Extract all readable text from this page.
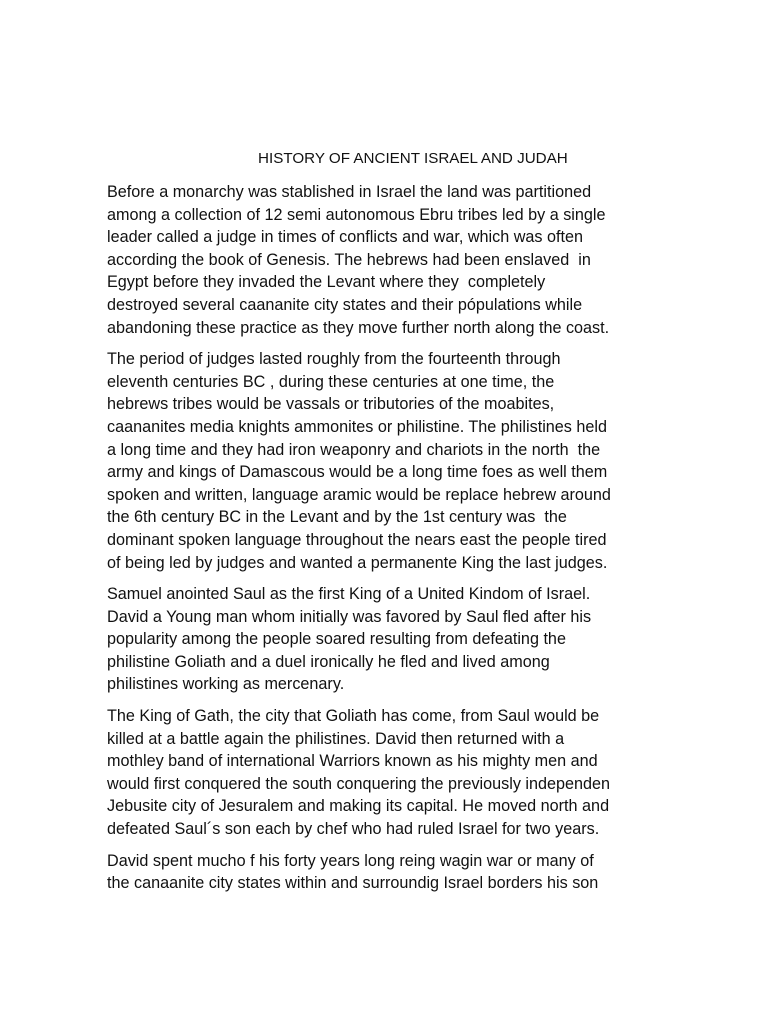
HISTORY OF ANCIENT ISRAEL AND JUDAH

Before a monarchy was stablished in Israel the land was partitioned
among a collection of 12 semi autonomous Ebru tribes led by a single
leader called a judge in times of conflicts and war, which was often
according the book of Genesis. The hebrews had been enslaved  in
Egypt before they invaded the Levant where they  completely
destroyed several caananite city states and their pópulations while
abandoning these practice as they move further north along the coast.

The period of judges lasted roughly from the fourteenth through
eleventh centuries BC , during these centuries at one time, the
hebrews tribes would be vassals or tributories of the moabites,
caananites media knights ammonites or philistine. The philistines held
a long time and they had iron weaponry and chariots in the north  the
army and kings of Damascous would be a long time foes as well them
spoken and written, language aramic would be replace hebrew around
the 6th century BC in the Levant and by the 1st century was  the
dominant spoken language throughout the nears east the people tired
of being led by judges and wanted a permanente King the last judges.

Samuel anointed Saul as the first King of a United Kindom of Israel.
David a Young man whom initially was favored by Saul fled after his
popularity among the people soared resulting from defeating the
philistine Goliath and a duel ironically he fled and lived among
philistines working as mercenary.

The King of Gath, the city that Goliath has come, from Saul would be
killed at a battle again the philistines. David then returned with a
mothley band of international Warriors known as his mighty men and
would first conquered the south conquering the previously independen
Jebusite city of Jesuralem and making its capital. He moved north and
defeated Saul´s son each by chef who had ruled Israel for two years.

David spent mucho f his forty years long reing wagin war or many of
the canaanite city states within and surroundig Israel borders his son
